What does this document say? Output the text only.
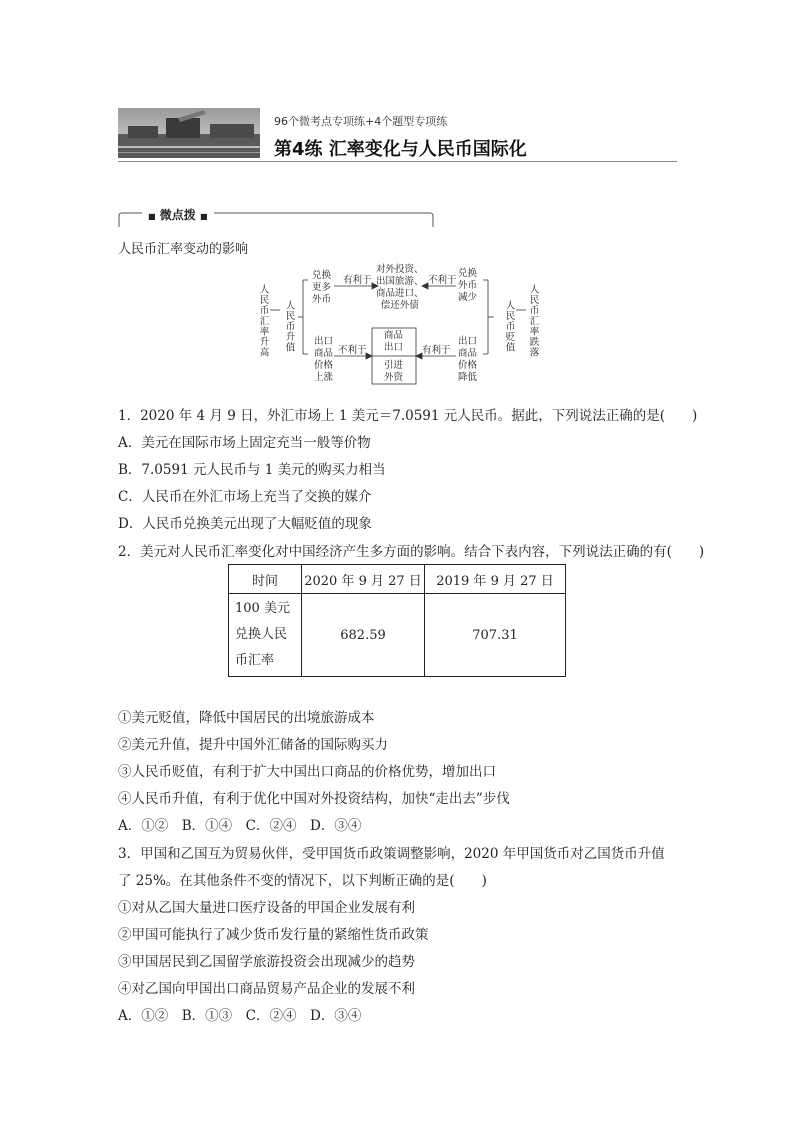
96个微考点专项练+4个题型专项练
第4练 汇率变化与人民币国际化
■ 微点拨 ■
人民币汇率变动的影响
人民币汇率升高 人民币升值	人民币贬值 人民币汇率跌落
兑换
更多
外币
有利于
对外投资、
出国旅游、
商品进口、
偿还外债
不利于
兑换
外币
减少
出口
商品
价格
上涨
不利于
商品
出口
引进
外资
有利于
出口
商品
价格
降低
1．2020 年 4 月 9 日，外汇市场上 1 美元＝7.0591 元人民币。据此，下列说法正确的是(　　)
A．美元在国际市场上固定充当一般等价物
B．7.0591 元人民币与 1 美元的购买力相当
C．人民币在外汇市场上充当了交换的媒介
D．人民币兑换美元出现了大幅贬值的现象
2．美元对人民币汇率变化对中国经济产生多方面的影响。结合下表内容，下列说法正确的有(　　)
时间	2020 年 9 月 27 日	2019 年 9 月 27 日

100 美元
兑换人民
币汇率	682.59	707.31
①美元贬值，降低中国居民的出境旅游成本
②美元升值，提升中国外汇储备的国际购买力
③人民币贬值，有利于扩大中国出口商品的价格优势，增加出口
④人民币升值，有利于优化中国对外投资结构，加快“走出去”步伐
A．①②　B．①④　C．②④　D．③④
3．甲国和乙国互为贸易伙伴，受甲国货币政策调整影响，2020 年甲国货币对乙国货币升值
了 25%。在其他条件不变的情况下，以下判断正确的是(　　)
①对从乙国大量进口医疗设备的甲国企业发展有利
②甲国可能执行了减少货币发行量的紧缩性货币政策
③甲国居民到乙国留学旅游投资会出现减少的趋势
④对乙国向甲国出口商品贸易产品企业的发展不利
A．①②　B．①③　C．②④　D．③④
